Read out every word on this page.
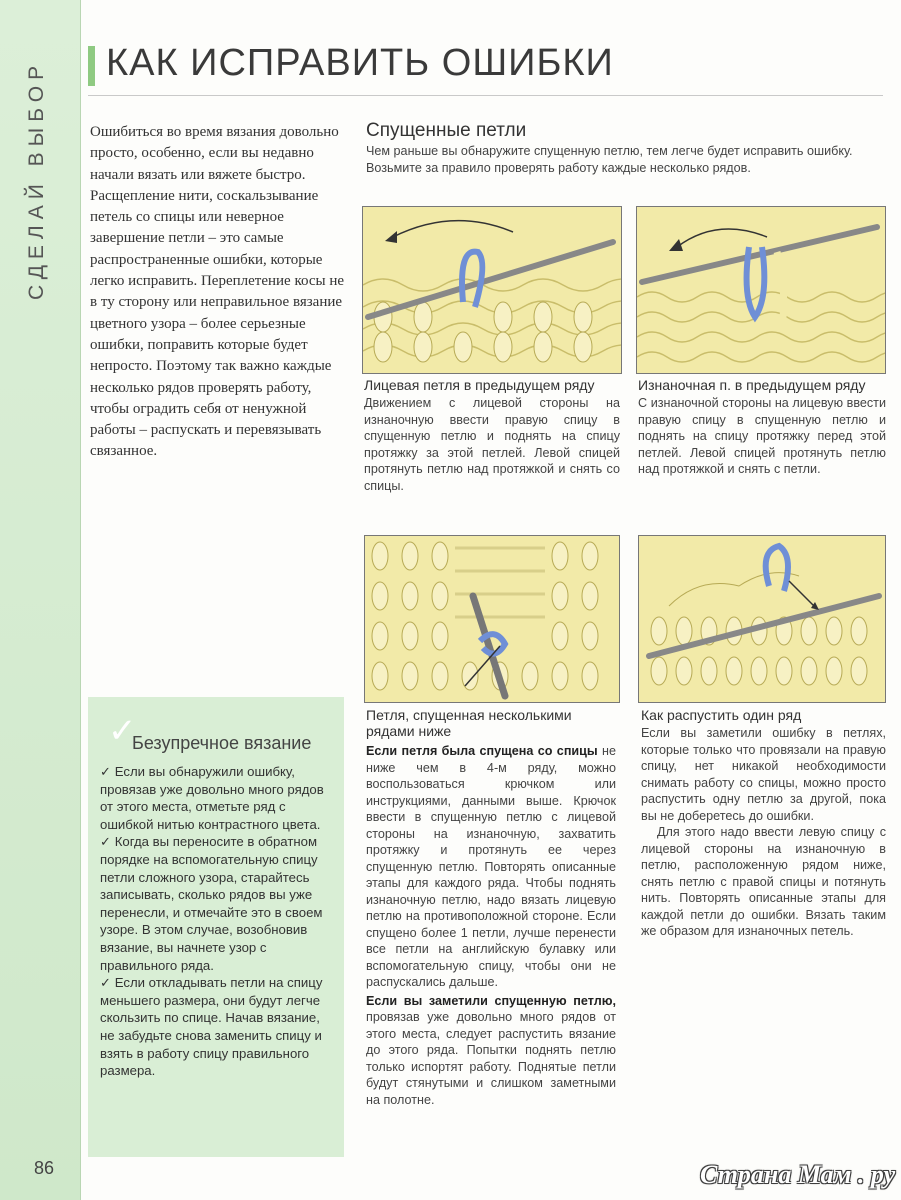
СДЕЛАЙ ВЫБОР
86
КАК ИСПРАВИТЬ ОШИБКИ
Ошибиться во время вязания довольно просто, особенно, если вы недавно начали вязать или вяжете быстро. Расщепление нити, соскальзывание петель со спицы или неверное завершение петли – это самые распространенные ошибки, которые легко исправить. Переплетение косы не в ту сторону или неправильное вязание цветного узора – более серьезные ошибки, поправить которые будет непросто. Поэтому так важно каждые несколько рядов проверять работу, чтобы оградить себя от ненужной работы – распускать и перевязывать связанное.
✓
Безупречное вязание
✓ Если вы обнаружили ошибку, провязав уже довольно много рядов от этого места, отметьте ряд с ошибкой нитью контрастного цвета.
✓ Когда вы переносите в обратном порядке на вспомогательную спицу петли сложного узора, старайтесь записывать, сколько рядов вы уже перенесли, и отмечайте это в своем узоре. В этом случае, возобновив вязание, вы начнете узор с правильного ряда.
✓ Если откладывать петли на спицу меньшего размера, они будут легче скользить по спице. Начав вязание, не забудьте снова заменить спицу и взять в работу спицу правильного размера.
Спущенные петли
Чем раньше вы обнаружите спущенную петлю, тем легче будет исправить ошибку. Возьмите за правило проверять работу каждые несколько рядов.
Лицевая петля в предыдущем ряду
Движением с лицевой стороны на изнаночную ввести правую спицу в спущенную петлю и поднять на спицу протяжку за этой петлей. Левой спицей протянуть петлю над протяжкой и снять со спицы.
Изнаночная п. в предыдущем ряду
С изнаночной стороны на лицевую ввести правую спицу в спущенную петлю и поднять на спицу протяжку перед этой петлей. Левой спицей протянуть петлю над протяжкой и снять с петли.
Петля, спущенная несколькими рядами ниже
Если петля была спущена со спицы не ниже чем в 4-м ряду, можно воспользоваться крючком или инструкциями, данными выше. Крючок ввести в спущенную петлю с лицевой стороны на изнаночную, захватить протяжку и протянуть ее через спущенную петлю. Повторять описанные этапы для каждого ряда. Чтобы поднять изнаночную петлю, надо вязать лицевую петлю на противоположной стороне. Если спущено более 1 петли, лучше перенести все петли на английскую булавку или вспомогательную спицу, чтобы они не распускались дальше.
Если вы заметили спущенную петлю, провязав уже довольно много рядов от этого места, следует распустить вязание до этого ряда. Попытки поднять петлю только испортят работу. Поднятые петли будут стянутыми и слишком заметными на полотне.
Как распустить один ряд
Если вы заметили ошибку в петлях, которые только что провязали на правую спицу, нет никакой необходимости снимать работу со спицы, можно просто распустить одну петлю за другой, пока вы не доберетесь до ошибки.
Для этого надо ввести левую спицу с лицевой стороны на изнаночную в петлю, расположенную рядом ниже, снять петлю с правой спицы и потянуть нить. Повторять описанные этапы для каждой петли до ошибки. Вязать таким же образом для изнаночных петель.
Страна Мам . ру
